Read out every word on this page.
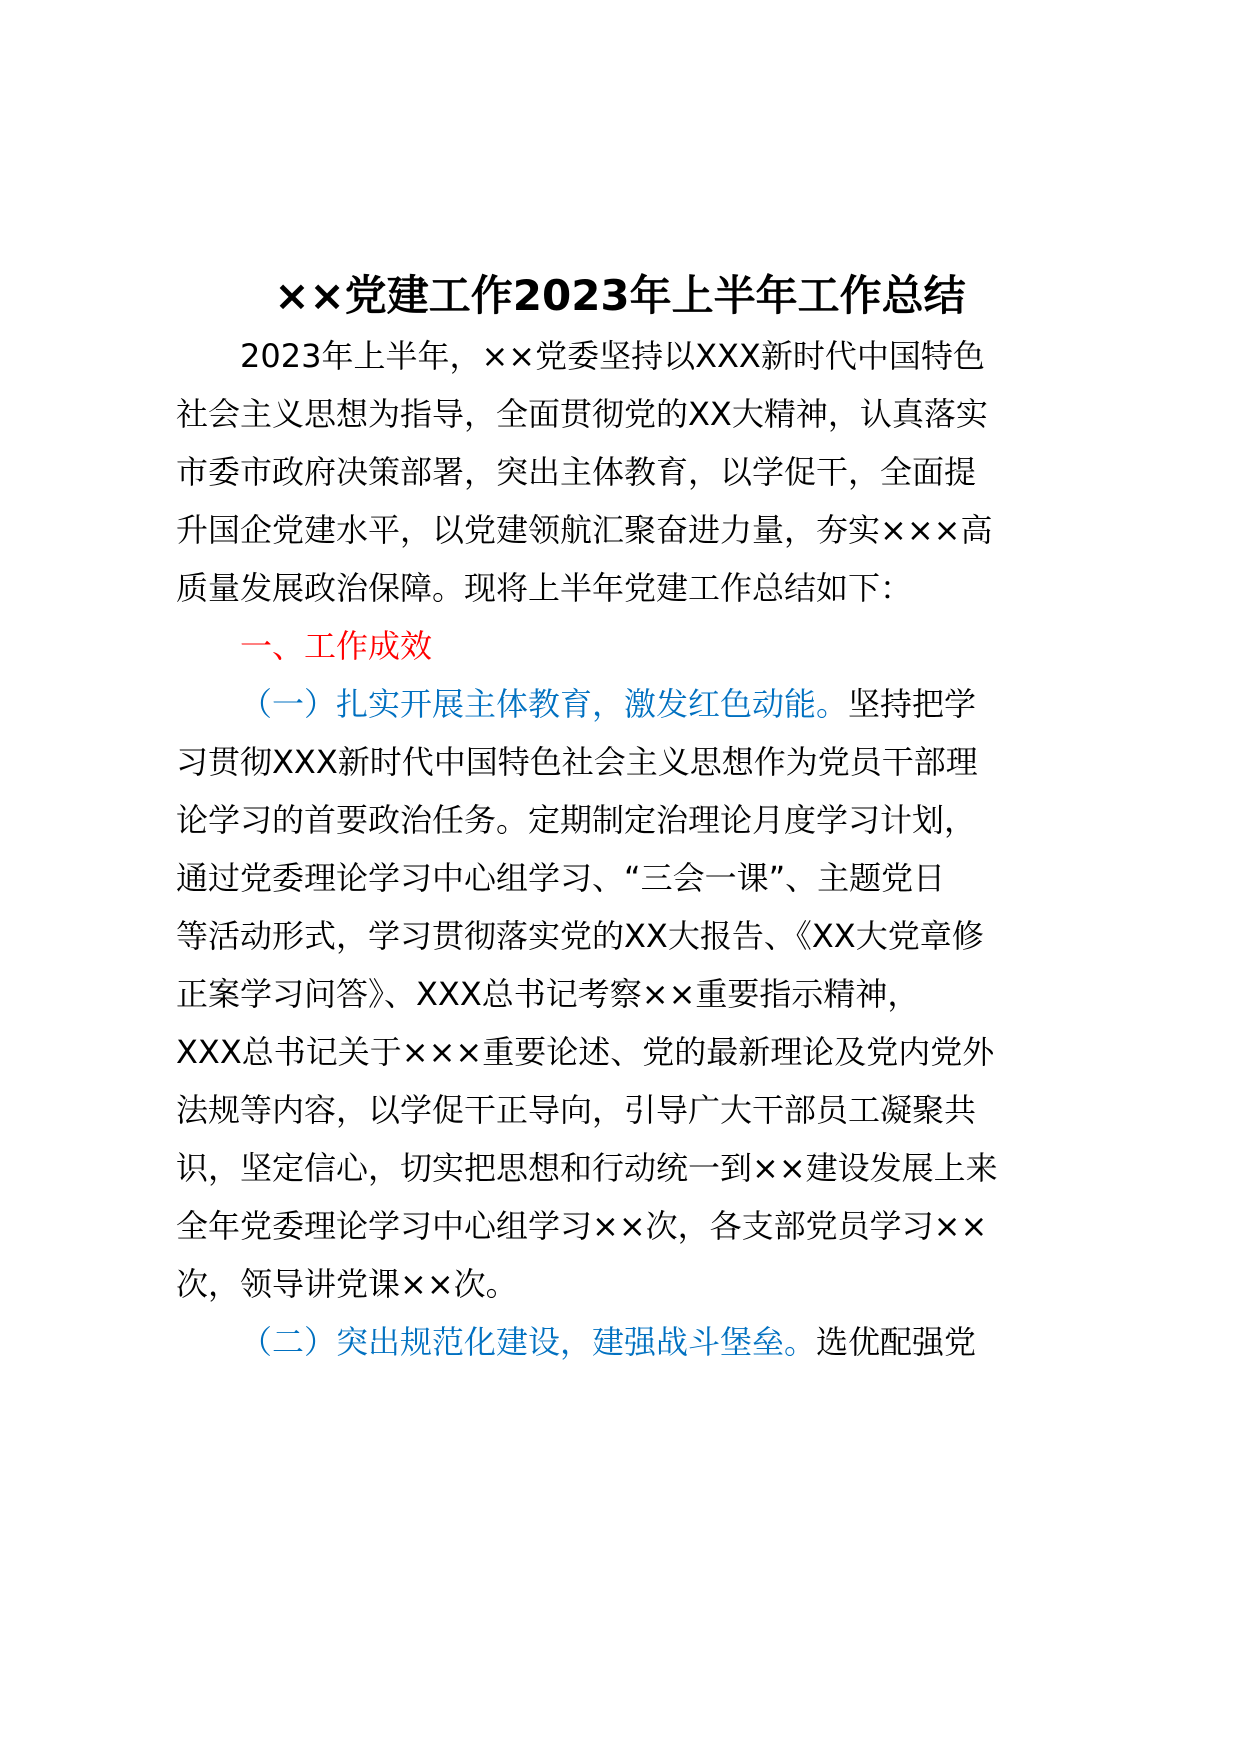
××党建工作2023年上半年工作总结
2023年上半年，××党委坚持以XXX新时代中国特色
社会主义思想为指导，全面贯彻党的XX大精神，认真落实
市委市政府决策部署，突出主体教育，以学促干，全面提
升国企党建水平，以党建领航汇聚奋进力量，夯实×××高
质量发展政治保障。现将上半年党建工作总结如下：
一、工作成效
（一）扎实开展主体教育，激发红色动能。坚持把学
习贯彻XXX新时代中国特色社会主义思想作为党员干部理
论学习的首要政治任务。定期制定治理论月度学习计划，
通过党委理论学习中心组学习、“三会一课”、主题党日
等活动形式，学习贯彻落实党的XX大报告、《XX大党章修
正案学习问答》、XXX总书记考察××重要指示精神，
XXX总书记关于×××重要论述、党的最新理论及党内党外
法规等内容，以学促干正导向，引导广大干部员工凝聚共
识，坚定信心，切实把思想和行动统一到××建设发展上来
全年党委理论学习中心组学习××次，各支部党员学习××
次，领导讲党课××次。
（二）突出规范化建设，建强战斗堡垒。选优配强党
